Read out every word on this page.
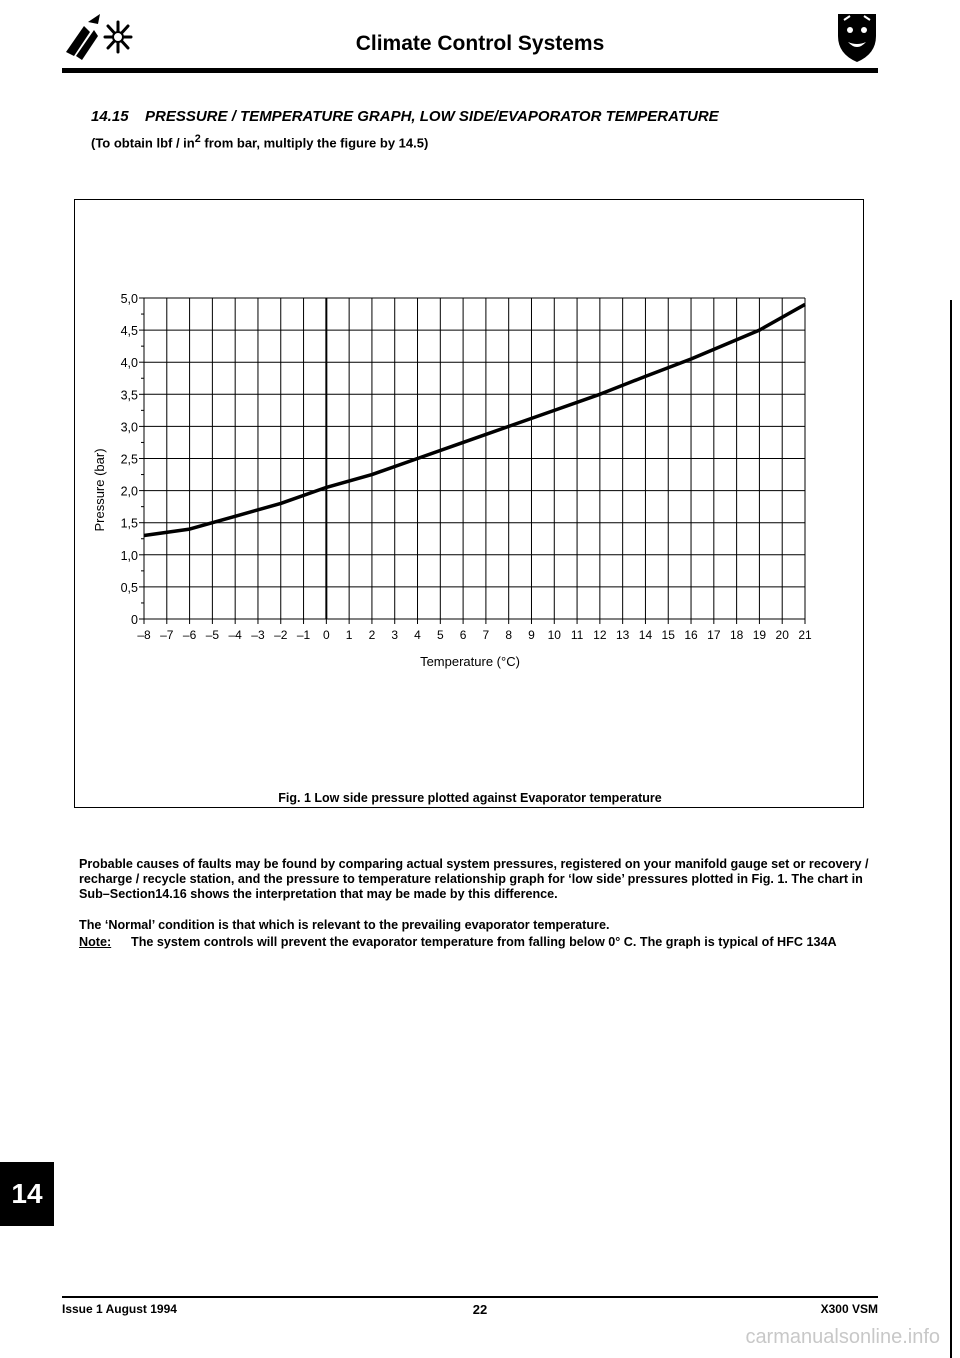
Climate Control Systems
14.15 PRESSURE / TEMPERATURE GRAPH, LOW SIDE/EVAPORATOR TEMPERATURE
(To obtain lbf / $in^2$ from bar, multiply the figure by 14.5)
0
0,5
1,0
1,5
2,0
2,5
3,0
3,5
4,0
4,5
5,0
–8 –7 –6 –5 –4 –3 –2 –1 0 1 2 3 4 5 6 7 8 9 10 11 12 13 14 15 16 17 18 19 20 21
Pressure (bar)
Temperature (°C)
Fig. 1 Low side pressure plotted against Evaporator temperature
Probable causes of faults may be found by comparing actual system pressures, registered on your manifold gauge set or recovery / recharge / recycle station, and the pressure to temperature relationship graph for ‘low side’ pressures plotted in Fig. 1. The chart in Sub–Section14.16 shows the interpretation that may be made by this difference.
The ‘Normal’ condition is that which is relevant to the prevailing evaporator temperature.
Note: The system controls will prevent the evaporator temperature from falling below 0° C. The graph is typical of HFC 134A
14
Issue 1 August 1994	22	X300 VSM
carmanualsonline.info
